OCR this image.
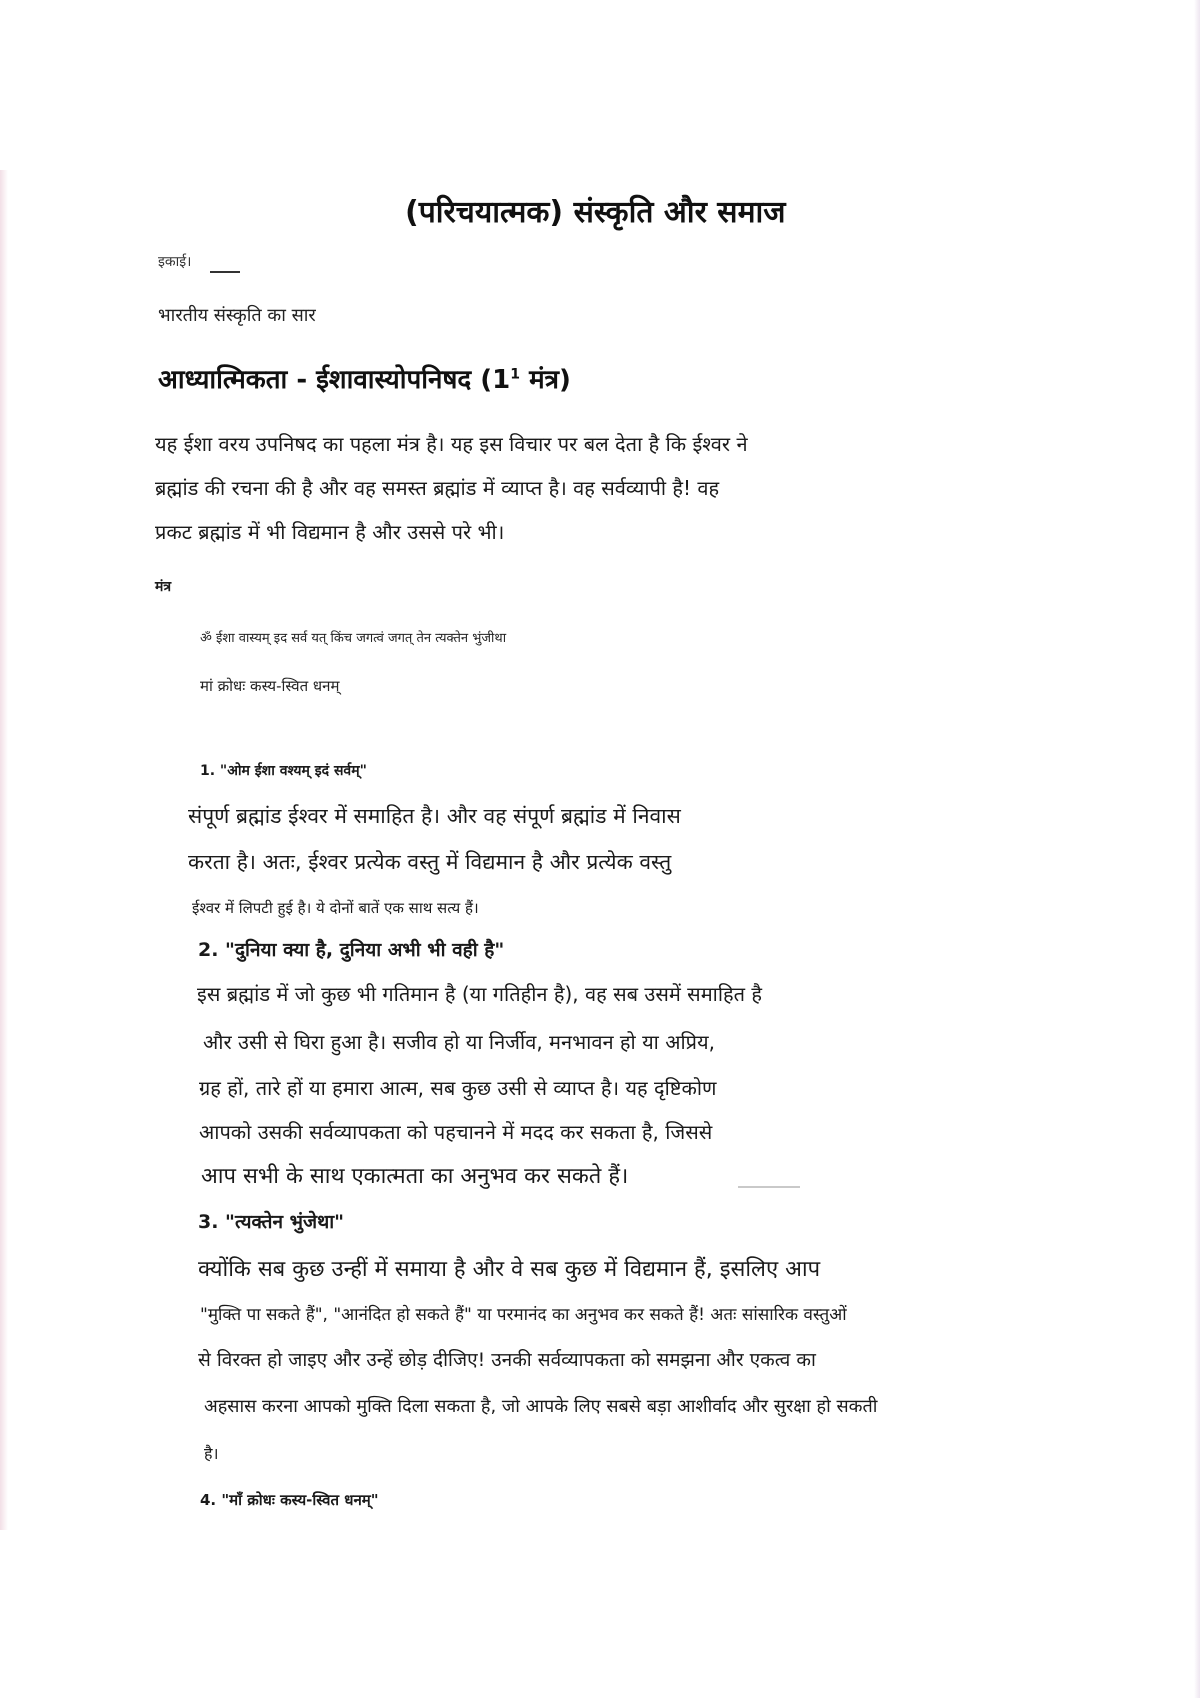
(परिचयात्मक) संस्कृति और समाज
इकाई।
भारतीय संस्कृति का सार
आध्यात्मिकता - ईशावास्योपनिषद ($1^1$ मंत्र)
यह ईशा वरय उपनिषद का पहला मंत्र है। यह इस विचार पर बल देता है कि ईश्वर ने
ब्रह्मांड की रचना की है और वह समस्त ब्रह्मांड में व्याप्त है। वह सर्वव्यापी है! वह
प्रकट ब्रह्मांड में भी विद्यमान है और उससे परे भी।
मंत्र
ॐ ईशा वास्यम् इद सर्व यत् किंच जगत्वं जगत् तेन त्यक्तेन भुंजीथा
मां क्रोधः कस्य-स्वित धनम्
1. "ओम ईशा वश्यम् इदं सर्वम्"
संपूर्ण ब्रह्मांड ईश्वर में समाहित है। और वह संपूर्ण ब्रह्मांड में निवास
करता है। अतः, ईश्वर प्रत्येक वस्तु में विद्यमान है और प्रत्येक वस्तु
ईश्वर में लिपटी हुई है। ये दोनों बातें एक साथ सत्य हैं।
2. "दुनिया क्या है, दुनिया अभी भी वही है"
इस ब्रह्मांड में जो कुछ भी गतिमान है (या गतिहीन है), वह सब उसमें समाहित है
और उसी से घिरा हुआ है। सजीव हो या निर्जीव, मनभावन हो या अप्रिय,
ग्रह हों, तारे हों या हमारा आत्म, सब कुछ उसी से व्याप्त है। यह दृष्टिकोण
आपको उसकी सर्वव्यापकता को पहचानने में मदद कर सकता है, जिससे
आप सभी के साथ एकात्मता का अनुभव कर सकते हैं।
3. "त्यक्तेन भुंजेथा"
क्योंकि सब कुछ उन्हीं में समाया है और वे सब कुछ में विद्यमान हैं, इसलिए आप
"मुक्ति पा सकते हैं", "आनंदित हो सकते हैं" या परमानंद का अनुभव कर सकते हैं! अतः सांसारिक वस्तुओं
से विरक्त हो जाइए और उन्हें छोड़ दीजिए! उनकी सर्वव्यापकता को समझना और एकत्व का
अहसास करना आपको मुक्ति दिला सकता है, जो आपके लिए सबसे बड़ा आशीर्वाद और सुरक्षा हो सकती
है।
4. "माँ क्रोधः कस्य-स्वित धनम्"
